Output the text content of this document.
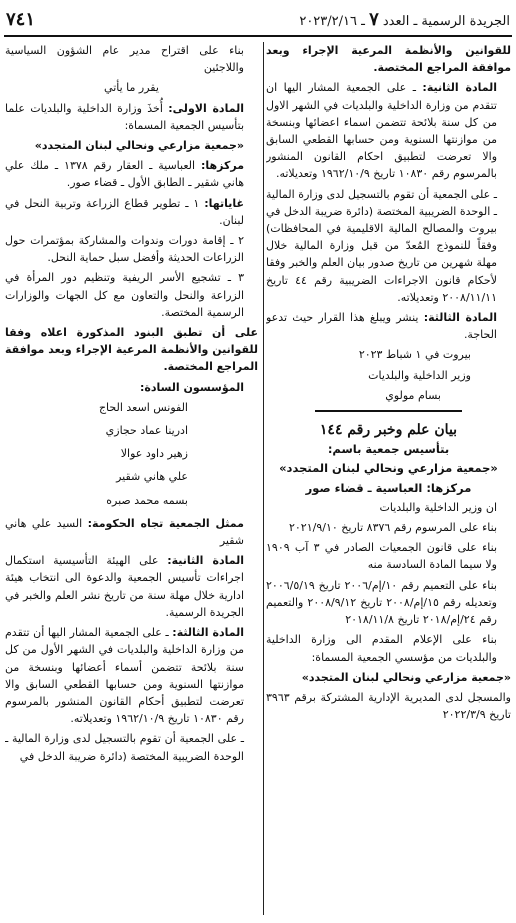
الجريدة الرسمية ـ العدد ٧ ـ ٢٠٢٣/٢/١٦
٧٤١

للقوانين والأنظمة المرعية الإجراء وبعد موافقة المراجع المختصة.

المادة الثانية: ـ على الجمعية المشار اليها ان تتقدم من وزارة الداخلية والبلديات في الشهر الاول من كل سنة بلائحة تتضمن اسماء اعضائها وبنسخة من موازنتها السنوية ومن حسابها القطعي السابق والا تعرضت لتطبيق احكام القانون المنشور بالمرسوم رقم ١٠٨٣٠ تاريخ ١٩٦٢/١٠/٩ وتعديلاته.

ـ على الجمعية أن تقوم بالتسجيل لدى وزارة المالية ـ الوحدة الضريبية المختصة (دائرة ضريبة الدخل في بيروت والمصالح المالية الاقليمية في المحافظات) وفقاً للنموذج المُعدّ من قبل وزارة المالية خلال مهلة شهرين من تاريخ صدور بيان العلم والخبر وفقا لأحكام قانون الاجراءات الضريبية رقم ٤٤ تاريخ ٢٠٠٨/١١/١١ وتعديلاته.

المادة الثالثة: ينشر ويبلغ هذا القرار حيث تدعو الحاجة.

بيروت في ١ شباط ٢٠٢٣

وزير الداخلية والبلديات

بسام مولوي

بيان علم وخبر رقم ١٤٤

بتأسيس جمعية باسم:

«جمعية مزارعي ونحالي لبنان المتجدد»

مركزها: العباسية ـ قضاء صور

ان وزير الداخلية والبلديات

بناء على المرسوم رقم ٨٣٧٦ تاريخ ٢٠٢١/٩/١٠

بناء على قانون الجمعيات الصادر في ٣ آب ١٩٠٩ ولا سيما المادة السادسة منه

بناء على التعميم رقم ١٠/إم/٢٠٠٦ تاريخ ٢٠٠٦/٥/١٩ وتعديله رقم ١٥/إم/٢٠٠٨ تاريخ ٢٠٠٨/٩/١٢ والتعميم رقم ٢٤/إم/٢٠١٨ تاريخ ٢٠١٨/١١/٨

بناء على الإعلام المقدم الى وزارة الداخلية والبلديات من مؤسسي الجمعية المسماة:

«جمعية مزارعي ونحالي لبنان المتجدد»

والمسجل لدى المديرية الإدارية المشتركة برقم ٣٩٦٣ تاريخ ٢٠٢٢/٣/٩

بناء على اقتراح مدير عام الشؤون السياسية واللاجئين

يقرر ما يأتي

المادة الاولى: أُخذَ وزارة الداخلية والبلديات علما بتأسيس الجمعية المسماة:

«جمعية مزارعي ونحالي لبنان المتجدد»

مركزها: العباسية ـ العقار رقم ١٣٧٨ ـ ملك علي هاني شقير ـ الطابق الأول ـ قضاء صور.

غاياتها: ١ ـ تطوير قطاع الزراعة وتربية النحل في لبنان.

٢ ـ إقامة دورات وندوات والمشاركة بمؤتمرات حول الزراعات الحديثة وأفضل سبل حماية النحل.

٣ ـ تشجيع الأسر الريفية وتنظيم دور المرأة في الزراعة والنحل والتعاون مع كل الجهات والوزارات الرسمية المختصة.

على أن تطبق البنود المذكورة اعلاه وفقا للقوانين والأنظمة المرعية الإجراء وبعد موافقة المراجع المختصة.

المؤسسون السادة:

الفونس اسعد الحاج

ادرينا عماد حجازي

زهير داود عوالا

علي هاني شقير

بسمه محمد صبره

ممثل الجمعية تجاه الحكومة: السيد علي هاني شقير

المادة الثانية: على الهيئة التأسيسية استكمال اجراءات تأسيس الجمعية والدعوة الى انتخاب هيئة ادارية خلال مهلة سنة من تاريخ نشر العلم والخبر في الجريدة الرسمية.

المادة الثالثة: ـ على الجمعية المشار اليها أن تتقدم من وزارة الداخلية والبلديات في الشهر الأول من كل سنة بلائحة تتضمن أسماء أعضائها وبنسخة من موازنتها السنوية ومن حسابها القطعي السابق والا تعرضت لتطبيق أحكام القانون المنشور بالمرسوم رقم ١٠٨٣٠ تاريخ ١٩٦٢/١٠/٩ وتعديلاته.

ـ على الجمعية أن تقوم بالتسجيل لدى وزارة المالية ـ الوحدة الضريبية المختصة (دائرة ضريبة الدخل في
